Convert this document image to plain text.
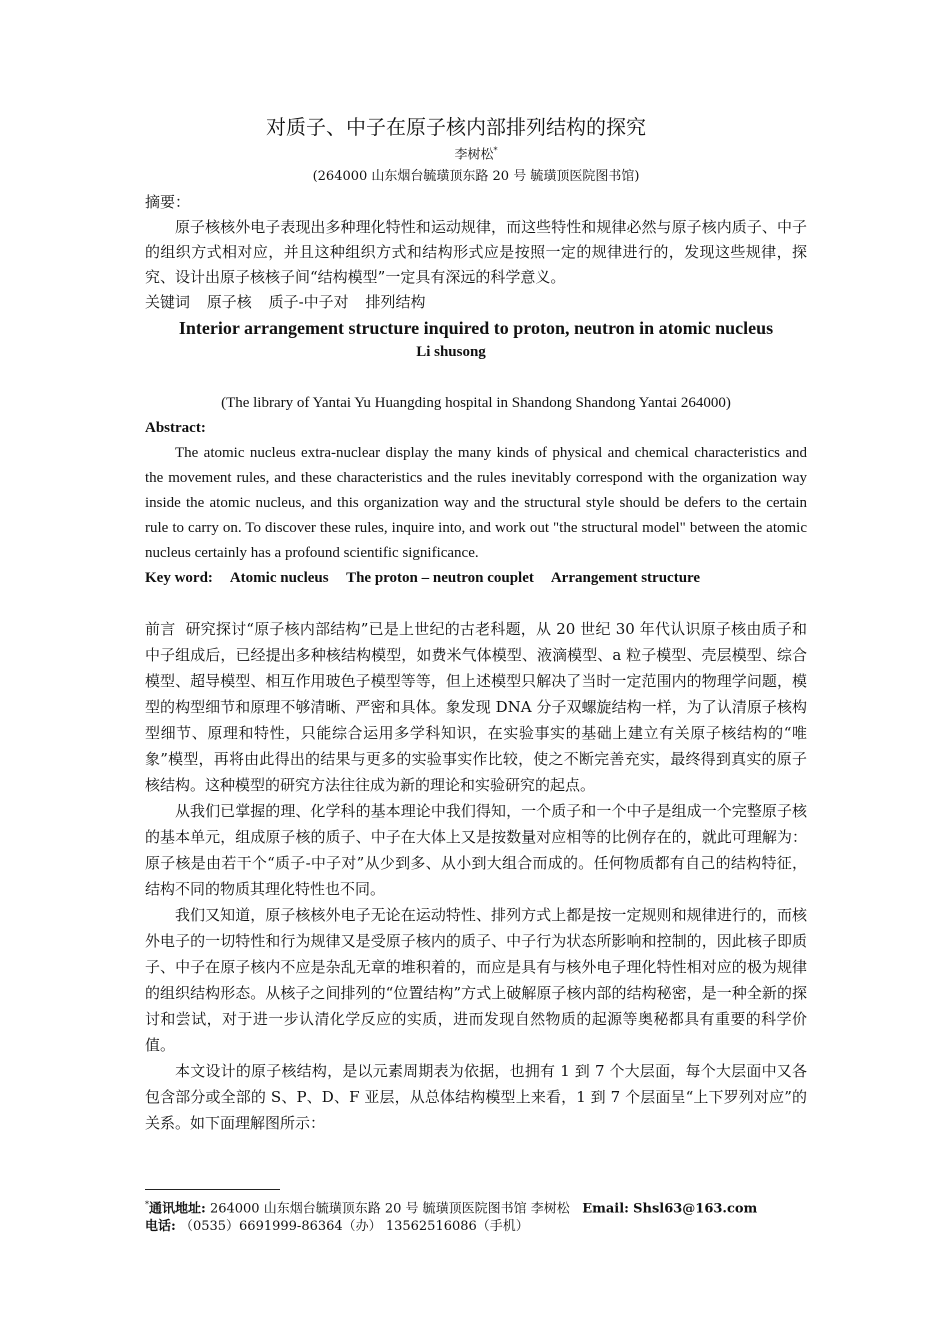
对质子、中子在原子核内部排列结构的探究

李树松*

(264000 山东烟台毓璜顶东路 20 号 毓璜顶医院图书馆)

摘要：

原子核核外电子表现出多种理化特性和运动规律，而这些特性和规律必然与原子核内质子、中子的组织方式相对应，并且这种组织方式和结构形式应是按照一定的规律进行的，发现这些规律，探究、设计出原子核核子间“结构模型”一定具有深远的科学意义。

关键词 原子核 质子-中子对 排列结构

Interior arrangement structure inquired to proton, neutron in atomic nucleus

Li shusong

(The library of Yantai Yu Huangding hospital in Shandong Shandong Yantai 264000)

Abstract:

The atomic nucleus extra-nuclear display the many kinds of physical and chemical characteristics and the movement rules, and these characteristics and the rules inevitably correspond with the organization way inside the atomic nucleus, and this organization way and the structural style should be defers to the certain rule to carry on. To discover these rules, inquire into, and work out "the structural model" between the atomic nucleus certainly has a profound scientific significance.

Key word: Atomic nucleus The proton – neutron couplet Arrangement structure

前言 研究探讨“原子核内部结构”已是上世纪的古老科题，从 20 世纪 30 年代认识原子核由质子和中子组成后，已经提出多种核结构模型，如费米气体模型、液滴模型、a 粒子模型、壳层模型、综合模型、超导模型、相互作用玻色子模型等等，但上述模型只解决了当时一定范围内的物理学问题，模型的构型细节和原理不够清晰、严密和具体。象发现 DNA 分子双螺旋结构一样，为了认清原子核构型细节、原理和特性，只能综合运用多学科知识，在实验事实的基础上建立有关原子核结构的“唯象”模型，再将由此得出的结果与更多的实验事实作比较，使之不断完善充实，最终得到真实的原子核结构。这种模型的研究方法往往成为新的理论和实验研究的起点。

从我们已掌握的理、化学科的基本理论中我们得知，一个质子和一个中子是组成一个完整原子核的基本单元，组成原子核的质子、中子在大体上又是按数量对应相等的比例存在的，就此可理解为：原子核是由若干个“质子-中子对”从少到多、从小到大组合而成的。任何物质都有自己的结构特征，结构不同的物质其理化特性也不同。

我们又知道，原子核核外电子无论在运动特性、排列方式上都是按一定规则和规律进行的，而核外电子的一切特性和行为规律又是受原子核内的质子、中子行为状态所影响和控制的，因此核子即质子、中子在原子核内不应是杂乱无章的堆积着的，而应是具有与核外电子理化特性相对应的极为规律的组织结构形态。从核子之间排列的“位置结构”方式上破解原子核内部的结构秘密，是一种全新的探讨和尝试，对于进一步认清化学反应的实质，进而发现自然物质的起源等奥秘都具有重要的科学价值。

本文设计的原子核结构，是以元素周期表为依据，也拥有 1 到 7 个大层面，每个大层面中又各包含部分或全部的 S、P、D、F 亚层，从总体结构模型上来看，1 到 7 个层面呈“上下罗列对应”的关系。如下面理解图所示：

*通讯地址: 264000 山东烟台毓璜顶东路 20 号 毓璜顶医院图书馆 李树松 Email: Shsl63@163.com

电话: （0535）6691999-86364（办） 13562516086（手机）
